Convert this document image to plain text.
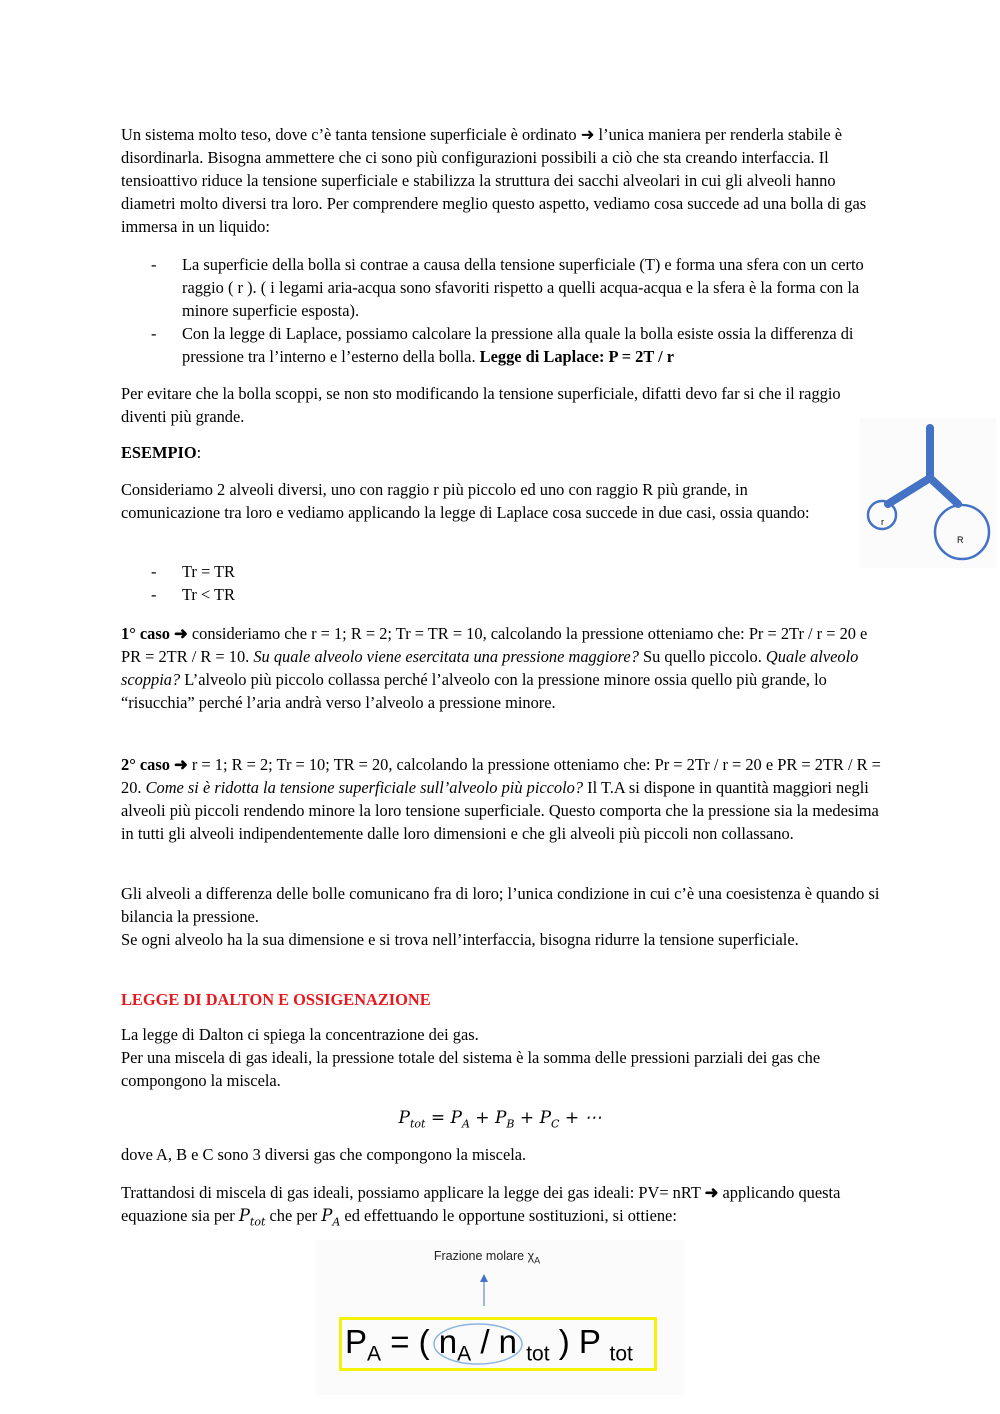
Un sistema molto teso, dove c’è tanta tensione superficiale è ordinato ➜ l’unica maniera per renderla stabile è disordinarla. Bisogna ammettere che ci sono più configurazioni possibili a ciò che sta creando interfaccia. Il tensioattivo riduce la tensione superficiale e stabilizza la struttura dei sacchi alveolari in cui gli alveoli hanno diametri molto diversi tra loro. Per comprendere meglio questo aspetto, vediamo cosa succede ad una bolla di gas immersa in un liquido:

- La superficie della bolla si contrae a causa della tensione superficiale (T) e forma una sfera con un certo raggio ( r ). ( i legami aria-acqua sono sfavoriti rispetto a quelli acqua-acqua e la sfera è la forma con la minore superficie esposta).
- Con la legge di Laplace, possiamo calcolare la pressione alla quale la bolla esiste ossia la differenza di pressione tra l’interno e l’esterno della bolla. Legge di Laplace: P = 2T / r

Per evitare che la bolla scoppi, se non sto modificando la tensione superficiale, difatti devo far si che il raggio diventi più grande.

ESEMPIO:

Consideriamo 2 alveoli diversi, uno con raggio r più piccolo ed uno con raggio R più grande, in comunicazione tra loro e vediamo applicando la legge di Laplace cosa succede in due casi, ossia quando:

- Tr = TR
- Tr < TR

1° caso ➜ consideriamo che r = 1; R = 2; Tr = TR = 10, calcolando la pressione otteniamo che: Pr = 2Tr / r = 20 e PR = 2TR / R = 10. Su quale alveolo viene esercitata una pressione maggiore? Su quello piccolo. Quale alveolo scoppia? L’alveolo più piccolo collassa perché l’alveolo con la pressione minore ossia quello più grande, lo “risucchia” perché l’aria andrà verso l’alveolo a pressione minore.

2° caso ➜ r = 1; R = 2; Tr = 10; TR = 20, calcolando la pressione otteniamo che: Pr = 2Tr / r = 20 e PR = 2TR / R = 20. Come si è ridotta la tensione superficiale sull’alveolo più piccolo? Il T.A si dispone in quantità maggiori negli alveoli più piccoli rendendo minore la loro tensione superficiale. Questo comporta che la pressione sia la medesima in tutti gli alveoli indipendentemente dalle loro dimensioni e che gli alveoli più piccoli non collassano.

Gli alveoli a differenza delle bolle comunicano fra di loro; l’unica condizione in cui c’è una coesistenza è quando si bilancia la pressione.
Se ogni alveolo ha la sua dimensione e si trova nell’interfaccia, bisogna ridurre la tensione superficiale.

LEGGE DI DALTON E OSSIGENAZIONE

La legge di Dalton ci spiega la concentrazione dei gas.
Per una miscela di gas ideali, la pressione totale del sistema è la somma delle pressioni parziali dei gas che compongono la miscela.

$P_{tot} = P_A + P_B + P_C$ + ⋯

dove A, B e C sono 3 diversi gas che compongono la miscela.

Trattandosi di miscela di gas ideali, possiamo applicare la legge dei gas ideali: PV= nRT ➜ applicando questa equazione sia per $P_{tot}$ che per $P_A$ ed effettuando le opportune sostituzioni, si ottiene:

r
R
Frazione molare $\chi_A$
$P_A$ = ( $n_A$ / n $_{tot}$ ) P $_{tot}$
